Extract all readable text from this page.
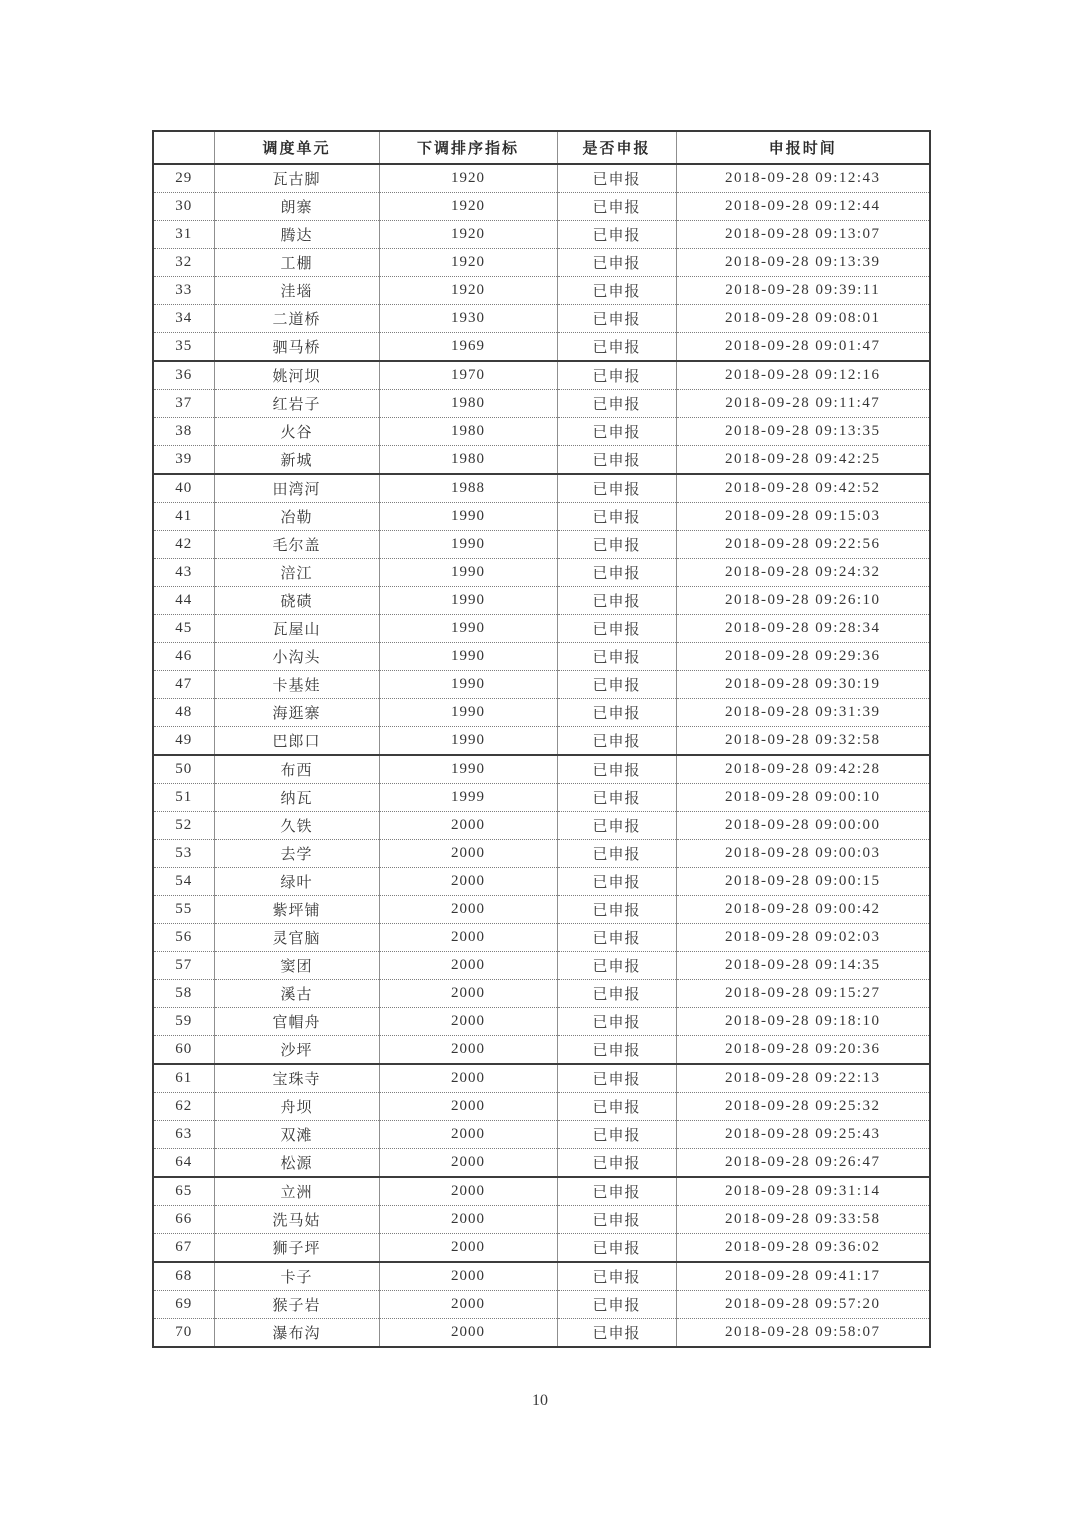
	调度单元	下调排序指标	是否申报	申报时间
29	瓦古脚	1920	已申报	2018-09-28 09:12:43
30	朗寨	1920	已申报	2018-09-28 09:12:44
31	腾达	1920	已申报	2018-09-28 09:13:07
32	工棚	1920	已申报	2018-09-28 09:13:39
33	洼堖	1920	已申报	2018-09-28 09:39:11
34	二道桥	1930	已申报	2018-09-28 09:08:01
35	驷马桥	1969	已申报	2018-09-28 09:01:47
36	姚河坝	1970	已申报	2018-09-28 09:12:16
37	红岩子	1980	已申报	2018-09-28 09:11:47
38	火谷	1980	已申报	2018-09-28 09:13:35
39	新城	1980	已申报	2018-09-28 09:42:25
40	田湾河	1988	已申报	2018-09-28 09:42:52
41	冶勒	1990	已申报	2018-09-28 09:15:03
42	毛尔盖	1990	已申报	2018-09-28 09:22:56
43	涪江	1990	已申报	2018-09-28 09:24:32
44	硗碛	1990	已申报	2018-09-28 09:26:10
45	瓦屋山	1990	已申报	2018-09-28 09:28:34
46	小沟头	1990	已申报	2018-09-28 09:29:36
47	卡基娃	1990	已申报	2018-09-28 09:30:19
48	海逛寨	1990	已申报	2018-09-28 09:31:39
49	巴郎口	1990	已申报	2018-09-28 09:32:58
50	布西	1990	已申报	2018-09-28 09:42:28
51	纳瓦	1999	已申报	2018-09-28 09:00:10
52	久铁	2000	已申报	2018-09-28 09:00:00
53	去学	2000	已申报	2018-09-28 09:00:03
54	绿叶	2000	已申报	2018-09-28 09:00:15
55	紫坪铺	2000	已申报	2018-09-28 09:00:42
56	灵官脑	2000	已申报	2018-09-28 09:02:03
57	窦团	2000	已申报	2018-09-28 09:14:35
58	溪古	2000	已申报	2018-09-28 09:15:27
59	官帽舟	2000	已申报	2018-09-28 09:18:10
60	沙坪	2000	已申报	2018-09-28 09:20:36
61	宝珠寺	2000	已申报	2018-09-28 09:22:13
62	舟坝	2000	已申报	2018-09-28 09:25:32
63	双滩	2000	已申报	2018-09-28 09:25:43
64	松源	2000	已申报	2018-09-28 09:26:47
65	立洲	2000	已申报	2018-09-28 09:31:14
66	洗马姑	2000	已申报	2018-09-28 09:33:58
67	狮子坪	2000	已申报	2018-09-28 09:36:02
68	卡子	2000	已申报	2018-09-28 09:41:17
69	猴子岩	2000	已申报	2018-09-28 09:57:20
70	瀑布沟	2000	已申报	2018-09-28 09:58:07
10
